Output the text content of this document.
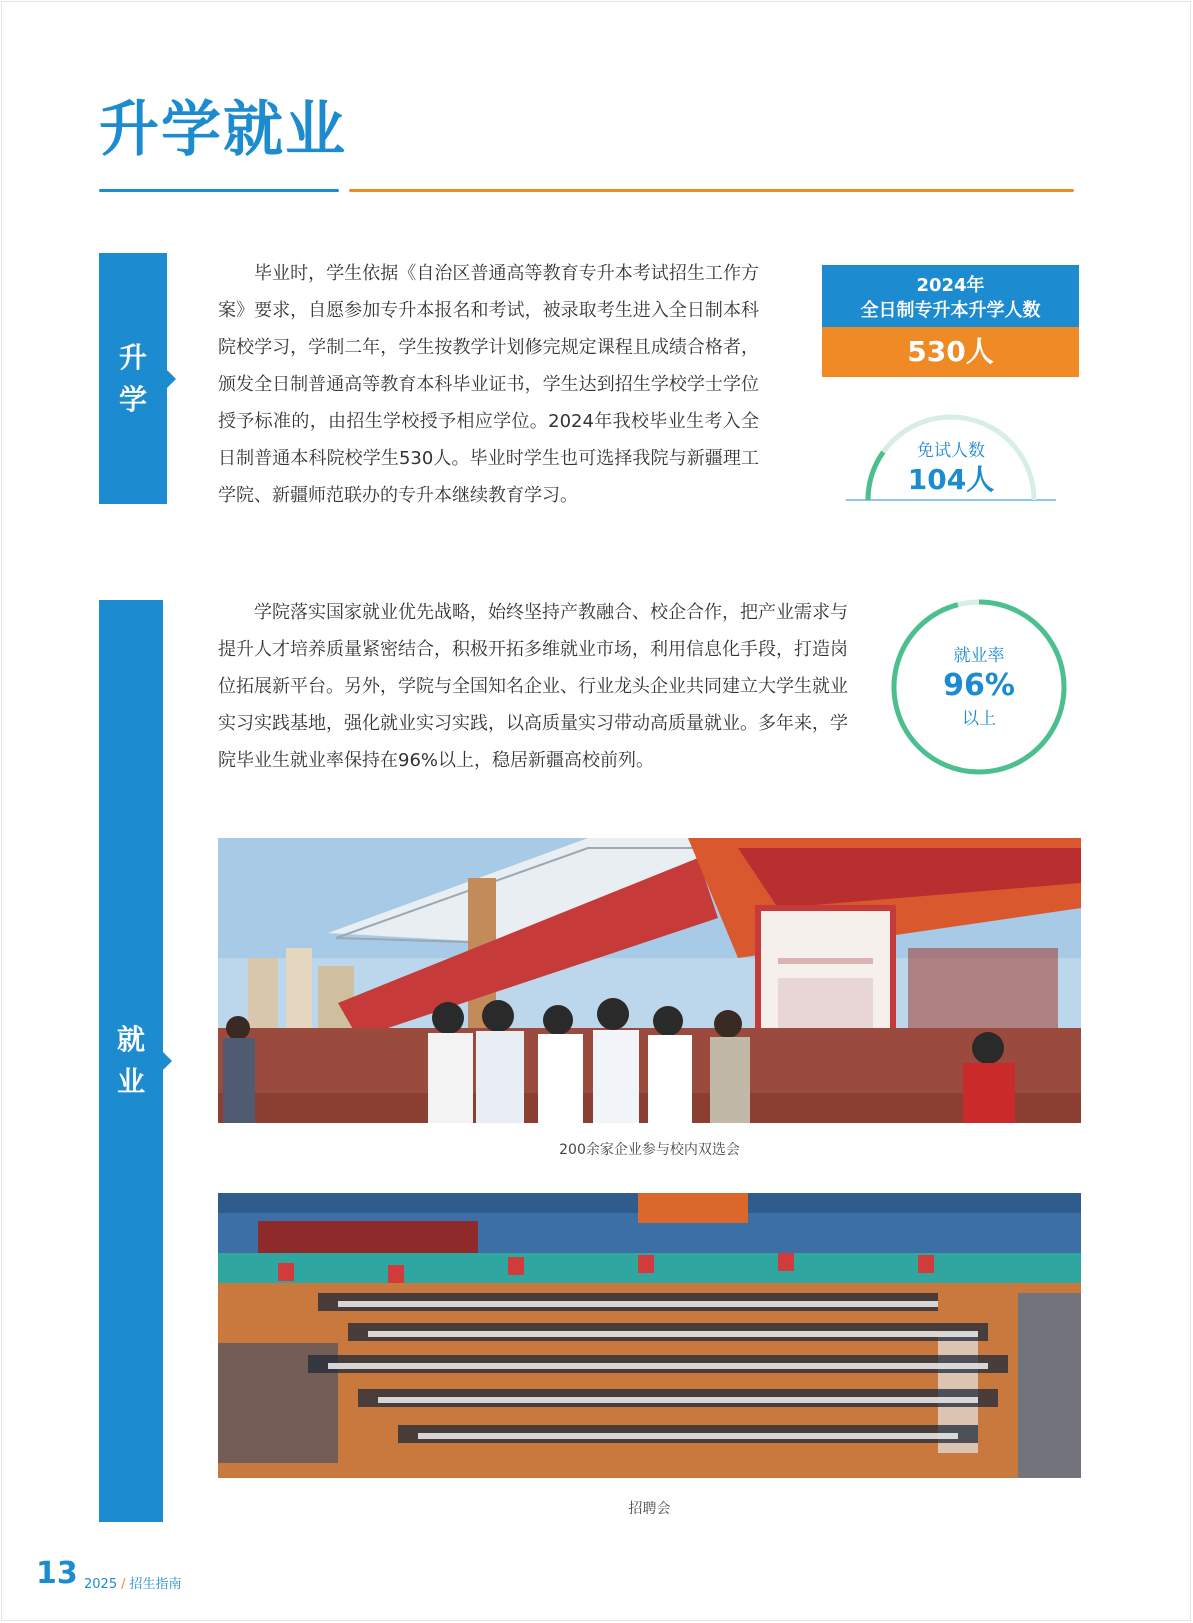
升学就业
升学

毕业时，学生依据《自治区普通高等教育专升本考试招生工作方案》要求，自愿参加专升本报名和考试，被录取考生进入全日制本科院校学习，学制二年，学生按教学计划修完规定课程且成绩合格者，颁发全日制普通高等教育本科毕业证书，学生达到招生学校学士学位授予标准的，由招生学校授予相应学位。2024年我校毕业生考入全日制普通本科院校学生530人。毕业时学生也可选择我院与新疆理工学院、新疆师范联办的专升本继续教育学习。

2024年
全日制专升本升学人数
530人
免试人数
104人
就业

学院落实国家就业优先战略，始终坚持产教融合、校企合作，把产业需求与提升人才培养质量紧密结合，积极开拓多维就业市场，利用信息化手段，打造岗位拓展新平台。另外，学院与全国知名企业、行业龙头企业共同建立大学生就业实习实践基地，强化就业实习实践，以高质量实习带动高质量就业。多年来，学院毕业生就业率保持在96%以上，稳居新疆高校前列。

就业率
96%
以上
200余家企业参与校内双选会
招聘会
13 2025 / 招生指南
